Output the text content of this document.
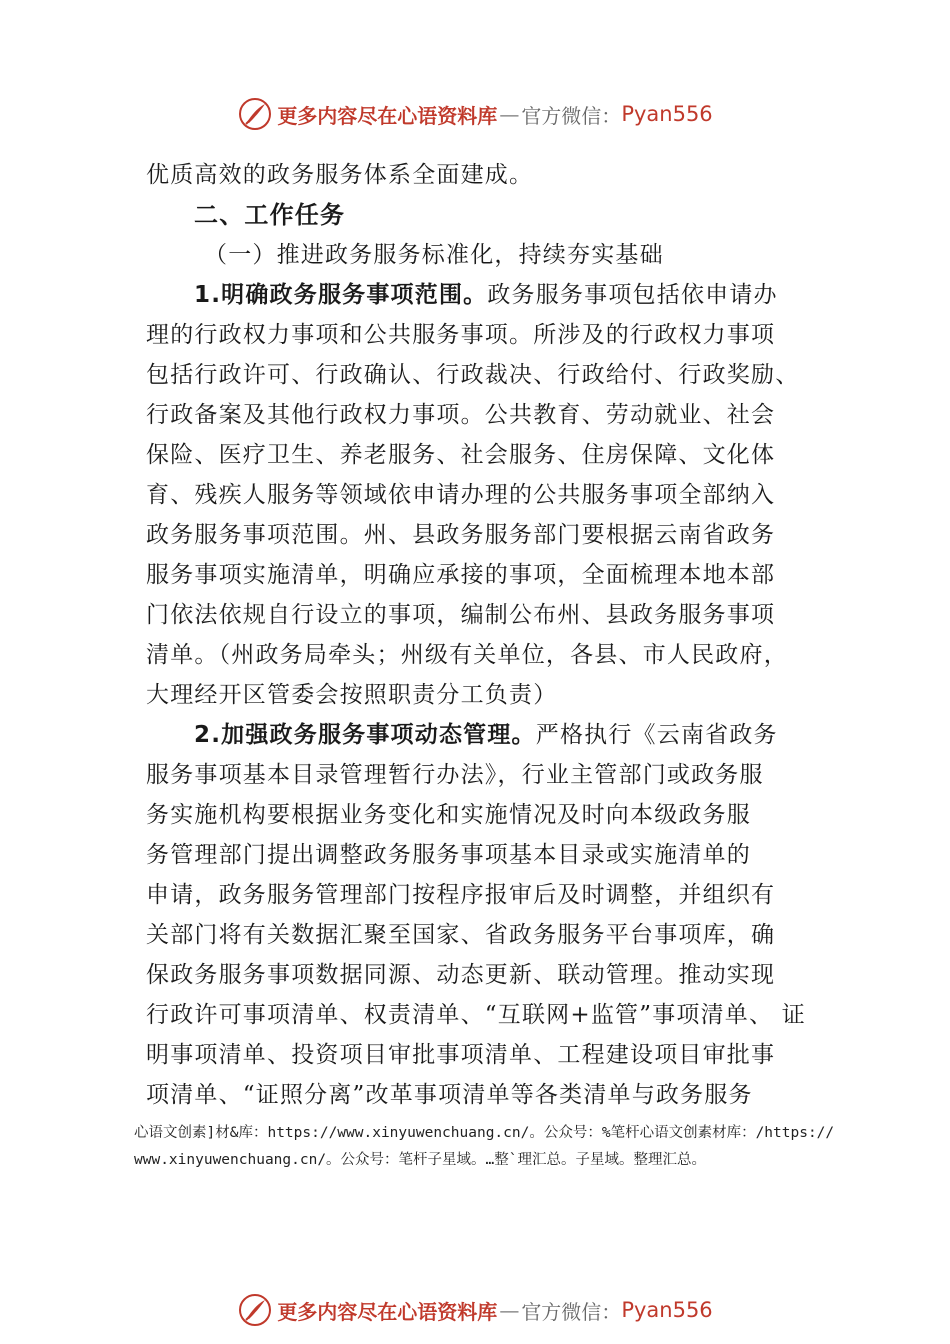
更多内容尽在心语资料库 — 官方微信： Pyan556
优质高效的政务服务体系全面建成。
二、工作任务
（一）推进政务服务标准化，持续夯实基础
1.明确政务服务事项范围。政务服务事项包括依申请办
理的行政权力事项和公共服务事项。所涉及的行政权力事项
包括行政许可、行政确认、行政裁决、行政给付、行政奖励、
行政备案及其他行政权力事项。公共教育、劳动就业、社会
保险、医疗卫生、养老服务、社会服务、住房保障、文化体
育、残疾人服务等领域依申请办理的公共服务事项全部纳入
政务服务事项范围。州、县政务服务部门要根据云南省政务
服务事项实施清单，明确应承接的事项，全面梳理本地本部
门依法依规自行设立的事项，编制公布州、县政务服务事项
清单。（州政务局牵头；州级有关单位，各县、市人民政府，
大理经开区管委会按照职责分工负责）
2.加强政务服务事项动态管理。严格执行《云南省政务
服务事项基本目录管理暂行办法》，行业主管部门或政务服
务实施机构要根据业务变化和实施情况及时向本级政务服
务管理部门提出调整政务服务事项基本目录或实施清单的
申请，政务服务管理部门按程序报审后及时调整，并组织有
关部门将有关数据汇聚至国家、省政务服务平台事项库，确
保政务服务事项数据同源、动态更新、联动管理。推动实现
行政许可事项清单、权责清单、“互联网+监管”事项清单、 证
明事项清单、投资项目审批事项清单、工程建设项目审批事
项清单、“证照分离”改革事项清单等各类清单与政务服务
心语文创素]材&库：https://www.xinyuwenchuang.cn/。公众号：%笔杆心语文创素材库：/https://www.xinyuwenchuang.cn/。公众号：笔杆子星域。…整`理汇总。子星域。整理汇总。
更多内容尽在心语资料库 — 官方微信： Pyan556
